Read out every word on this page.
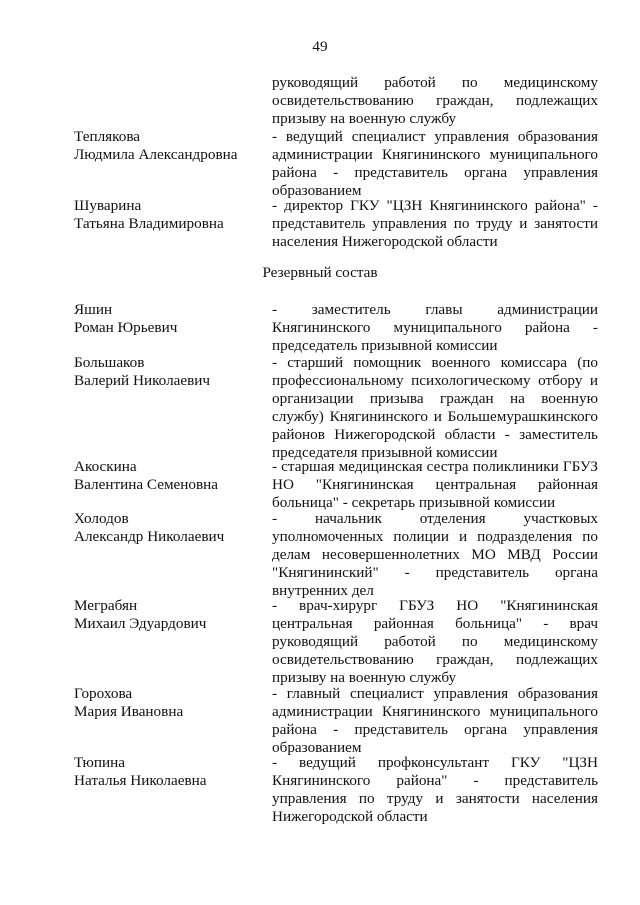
49
руководящий работой по медицинскому освидетельствованию граждан, подлежащих призыву на военную службу
Теплякова
Людмила Александровна
- ведущий специалист управления образования администрации Княгининского муниципального района - представитель органа управления образованием
Шуварина
Татьяна Владимировна
- директор ГКУ "ЦЗН Княгининского района" - представитель управления по труду и занятости населения Нижегородской области
Резервный состав
Яшин
Роман Юрьевич
- заместитель главы администрации Княгининского муниципального района - председатель призывной комиссии
Большаков
Валерий Николаевич
- старший помощник военного комиссара (по профессиональному психологическому отбору и организации призыва граждан на военную службу) Княгининского и Большемурашкинского районов Нижегородской области - заместитель председателя призывной комиссии
Акоскина
Валентина Семеновна
- старшая медицинская сестра поликлиники ГБУЗ НО "Княгининская центральная районная больница" - секретарь призывной комиссии
Холодов
Александр Николаевич
- начальник отделения участковых уполномоченных полиции и подразделения по делам несовершеннолетних МО МВД России "Княгининский" - представитель органа внутренних дел
Меграбян
Михаил Эдуардович
- врач-хирург ГБУЗ НО "Княгининская центральная районная больница" - врач руководящий работой по медицинскому освидетельствованию граждан, подлежащих призыву на военную службу
Горохова
Мария Ивановна
- главный специалист управления образования администрации Княгининского муниципального района - представитель органа управления образованием
Тюпина
Наталья Николаевна
- ведущий профконсультант ГКУ "ЦЗН Княгининского района" - представитель управления по труду и занятости населения Нижегородской области
